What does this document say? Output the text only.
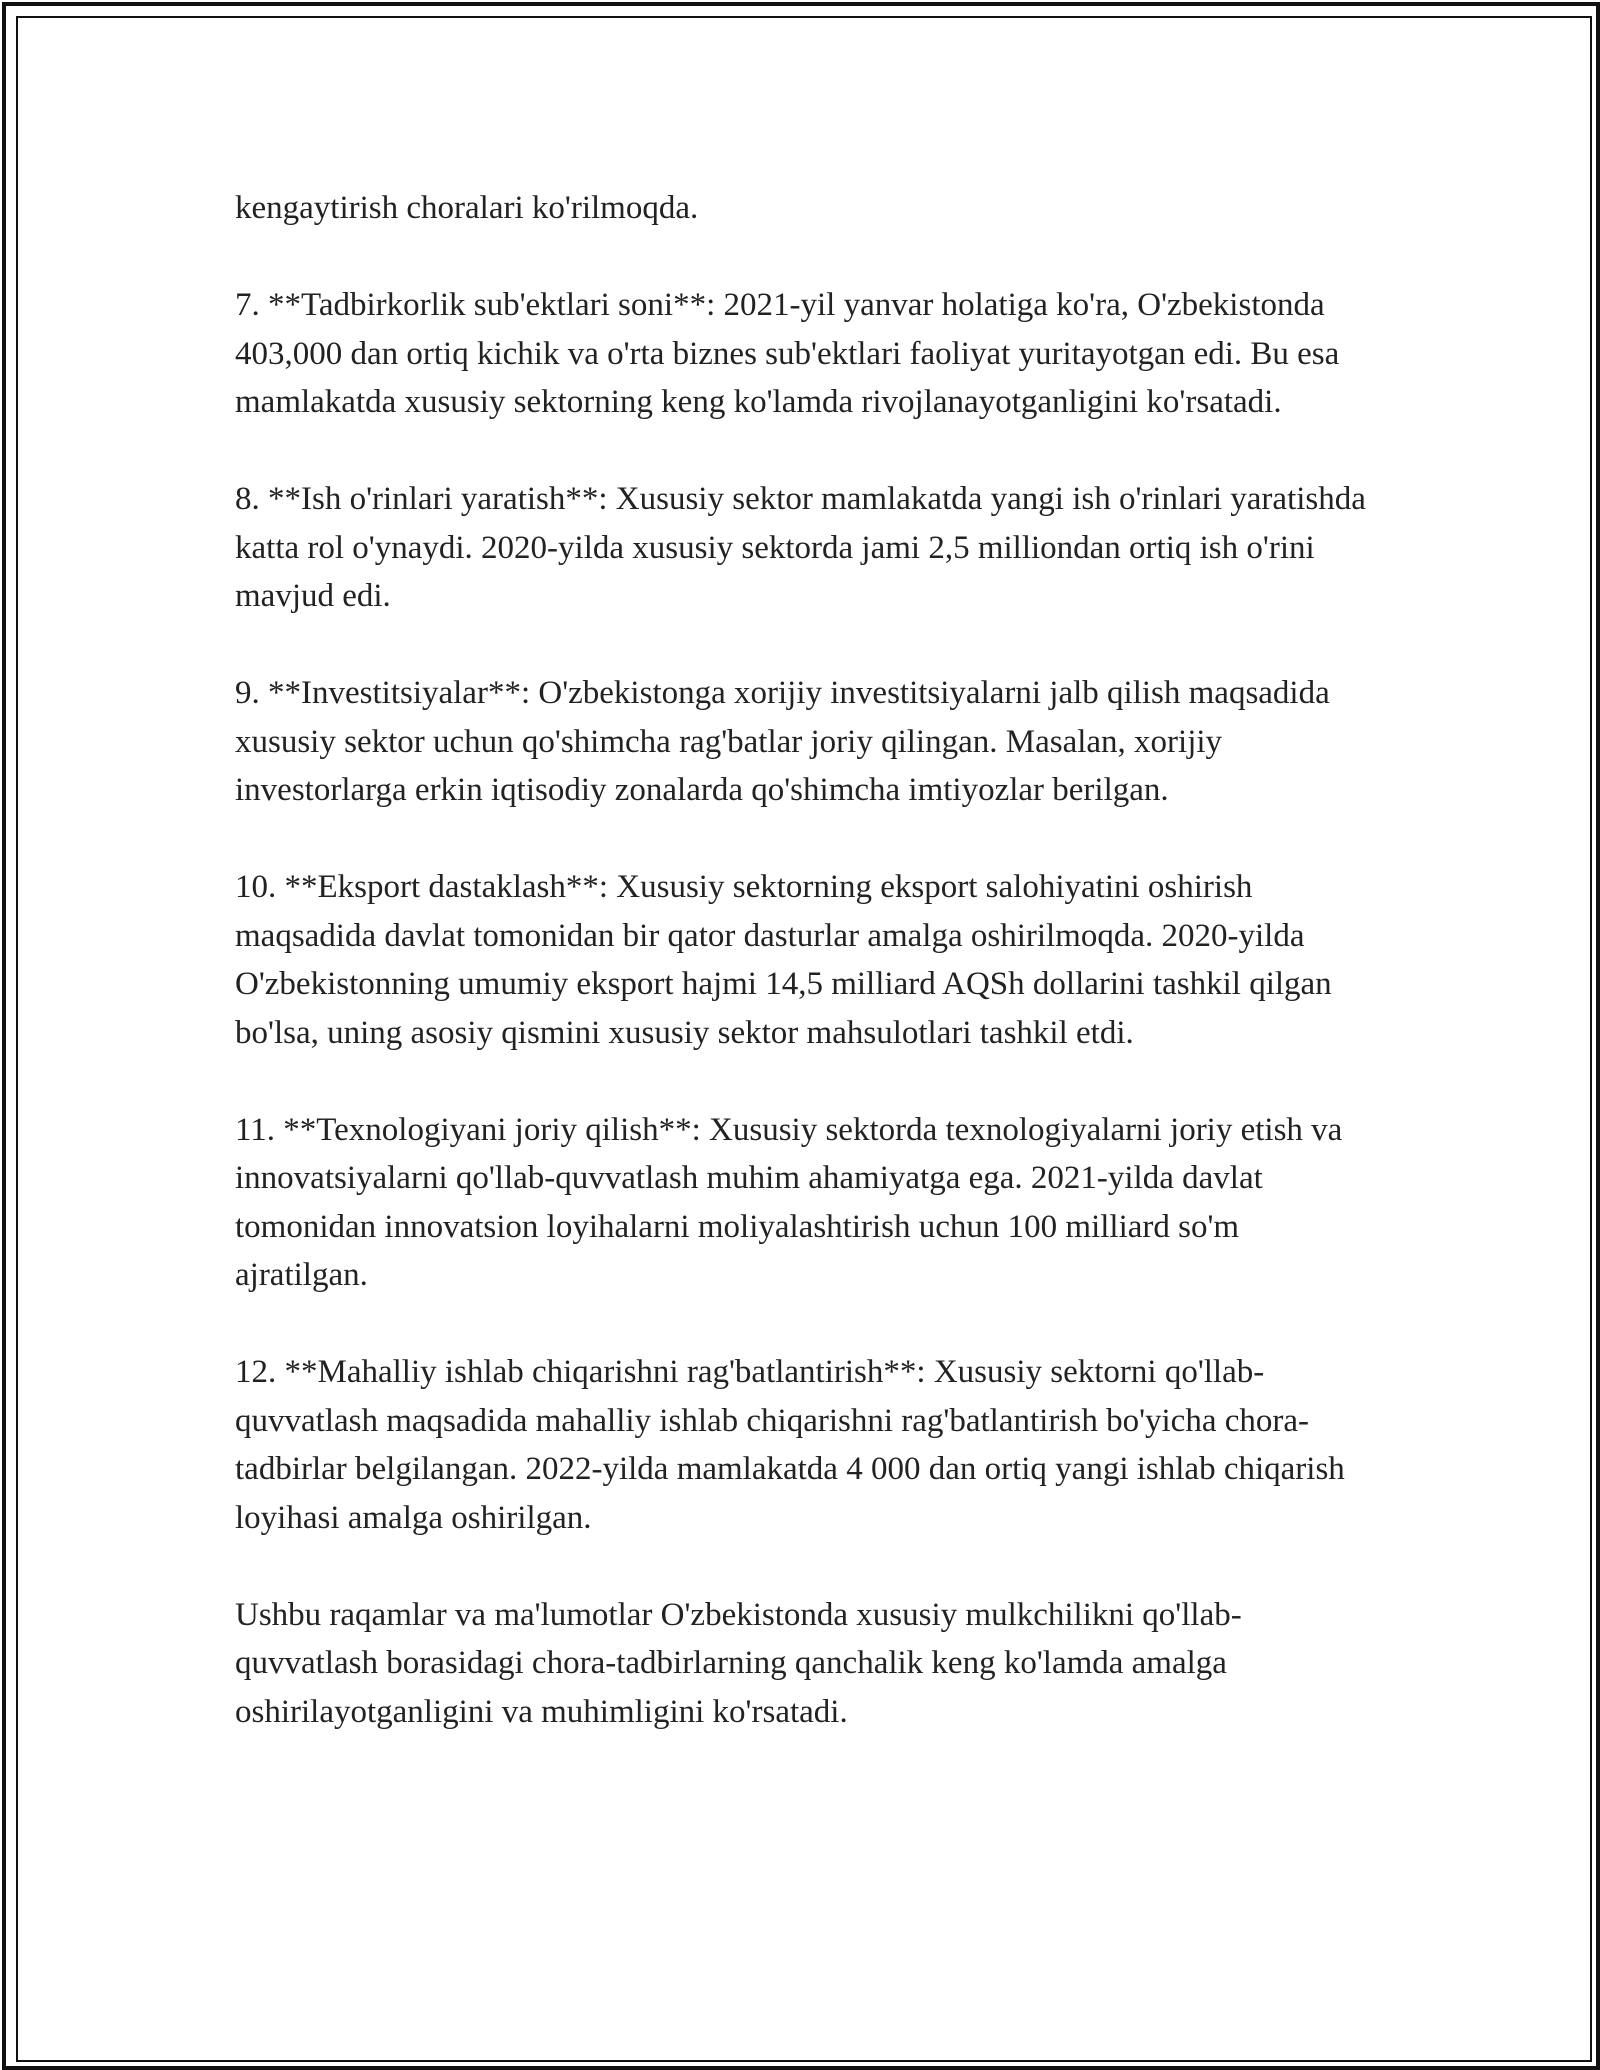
kengaytirish choralari ko'rilmoqda.

7. **Tadbirkorlik sub'ektlari soni**: 2021-yil yanvar holatiga ko'ra, O'zbekistonda 403,000 dan ortiq kichik va o'rta biznes sub'ektlari faoliyat yuritayotgan edi. Bu esa mamlakatda xususiy sektorning keng ko'lamda rivojlanayotganligini ko'rsatadi.

8. **Ish o'rinlari yaratish**: Xususiy sektor mamlakatda yangi ish o'rinlari yaratishda katta rol o'ynaydi. 2020-yilda xususiy sektorda jami 2,5 milliondan ortiq ish o'rini mavjud edi.

9. **Investitsiyalar**: O'zbekistonga xorijiy investitsiyalarni jalb qilish maqsadida xususiy sektor uchun qo'shimcha rag'batlar joriy qilingan. Masalan, xorijiy investorlarga erkin iqtisodiy zonalarda qo'shimcha imtiyozlar berilgan.

10. **Eksport dastaklash**: Xususiy sektorning eksport salohiyatini oshirish maqsadida davlat tomonidan bir qator dasturlar amalga oshirilmoqda. 2020-yilda O'zbekistonning umumiy eksport hajmi 14,5 milliard AQSh dollarini tashkil qilgan bo'lsa, uning asosiy qismini xususiy sektor mahsulotlari tashkil etdi.

11. **Texnologiyani joriy qilish**: Xususiy sektorda texnologiyalarni joriy etish va innovatsiyalarni qo'llab-quvvatlash muhim ahamiyatga ega. 2021-yilda davlat tomonidan innovatsion loyihalarni moliyalashtirish uchun 100 milliard so'm ajratilgan.

12. **Mahalliy ishlab chiqarishni rag'batlantirish**: Xususiy sektorni qo'llab-quvvatlash maqsadida mahalliy ishlab chiqarishni rag'batlantirish bo'yicha chora-tadbirlar belgilangan. 2022-yilda mamlakatda 4 000 dan ortiq yangi ishlab chiqarish loyihasi amalga oshirilgan.

Ushbu raqamlar va ma'lumotlar O'zbekistonda xususiy mulkchilikni qo'llab-quvvatlash borasidagi chora-tadbirlarning qanchalik keng ko'lamda amalga oshirilayotganligini va muhimligini ko'rsatadi.
